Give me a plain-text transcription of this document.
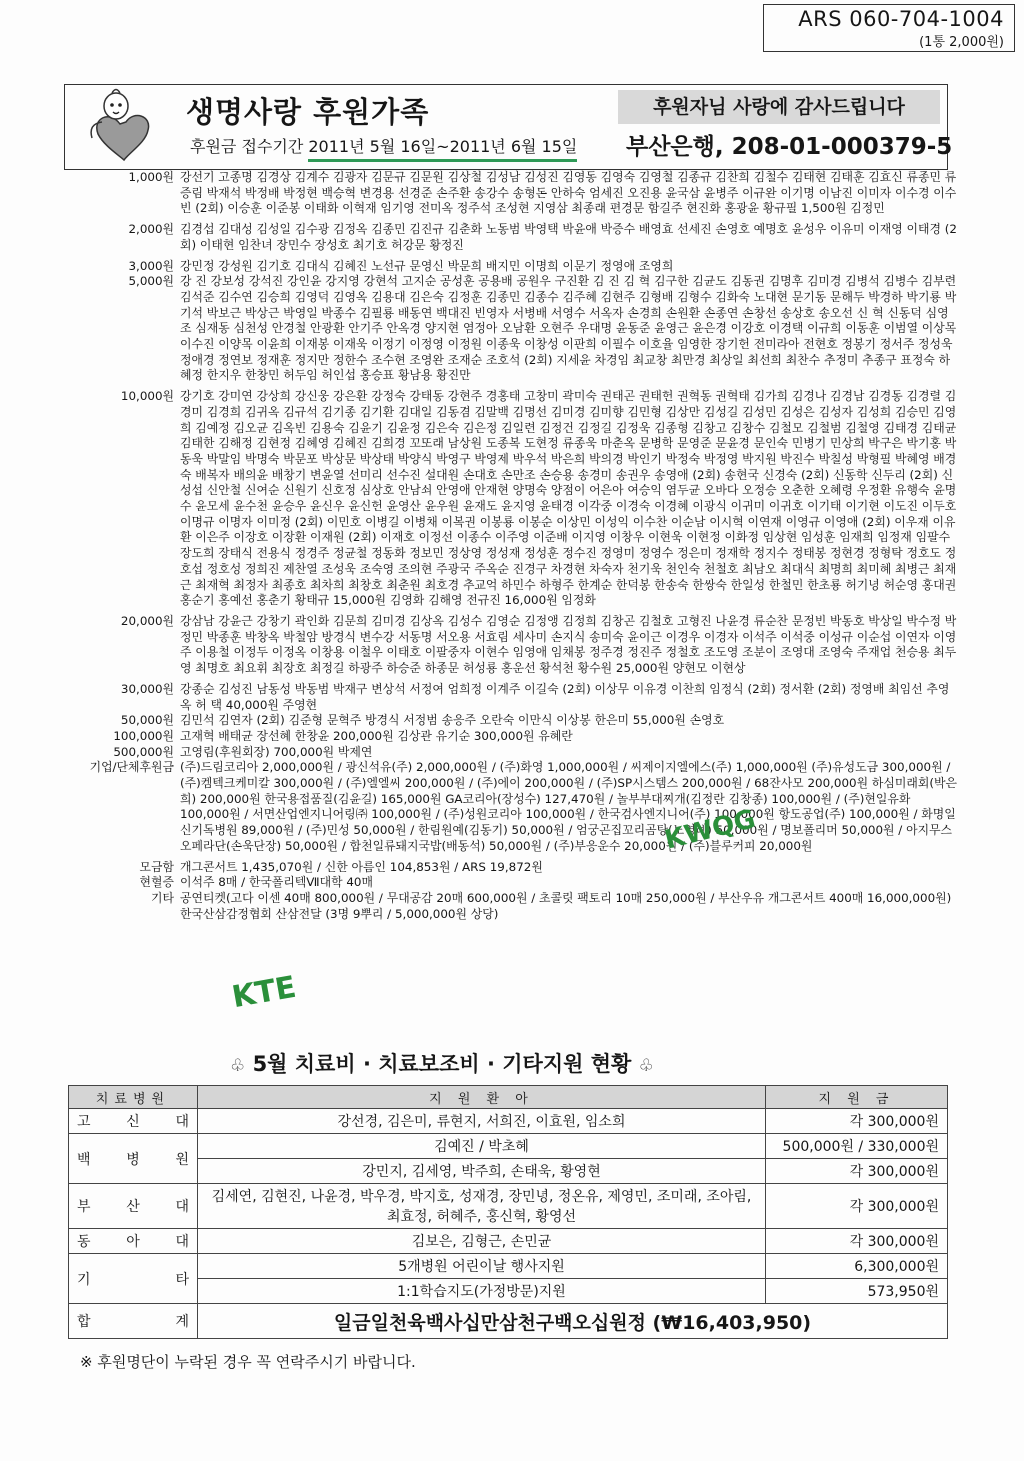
ARS 060-704-1004
(1통 2,000원)
생명사랑 후원가족	후원자님 사랑에 감사드립니다
후원금 접수기간 2011년 5월 16일~2011년 6월 15일 부산은행, 208-01-000379-5
1,000원 강선기 고종명 김경상 김계수 김광자 김문규 김문원 김상철 김성남 김성진 김영동 김영숙 김영철 김종규 김찬희 김철수 김태현 김태훈 김효신 류종민 류증림 박재석 박정배 박정현 백승혁 변경용 선경준 손주환 송강수 송형돈 안하숙 엄세진 오진용 윤국삼 윤병주 이규완 이기명 이남진 이미자 이수경 이수빈 (2회) 이승훈 이준봉 이태화 이혁재 임기영 전미옥 정주석 조성현 지영삼 최종래 편경문 함길주 현진화 홍광윤 황규필 1,500원 김정민
2,000원 김경섭 김대성 김성일 김수광 김정옥 김종민 김진규 김춘화 노동범 박영택 박윤애 박증수 배영효 선세진 손영호 예명호 윤성우 이유미 이재영 이태경 (2회) 이태현 임찬녀 장민수 장성호 최기호 허강문 황정진
3,000원 강민정 강성원 김기호 김대식 김혜진 노선규 문영신 박문희 배지민 이명희 이문기 정영애 조영희
5,000원 강 진 강보성 강석진 강인윤 강지영 강현석 고지순 공성훈 공용배 공원우 구진환 김 진 김 혁 김구한 김균도 김동권 김명후 김미경 김병석 김병수 김부련 김석준 김수연 김승희 김영덕 김영옥 김용대 김은숙 김정훈 김종민 김종수 김주혜 김현주 김형배 김형수 김화숙 노대현 문기동 문해두 박경하 박기룡 박기석 박보근 박상근 박영일 박종수 김필룡 배동연 백대진 빈영자 서병배 서영수 서옥자 손경희 손원환 손종연 손창선 송상호 송오선 신 혁 신동덕 심영조 심재동 심천성 안경철 안광환 안기주 안옥경 양지현 염정아 오남환 오현주 우대명 윤동준 윤영근 윤은경 이강호 이경택 이규희 이동훈 이범열 이상목 이수진 이양목 이윤희 이재봉 이재욱 이정기 이정영 이정원 이종욱 이창성 이판희 이필수 이호율 임영한 장기헌 전미라아 전현호 정봉기 정서주 정성욱 정애경 정연보 정재훈 정지만 정한수 조수현 조영완 조재순 조호석 (2회) 지세윤 차경임 최교창 최만경 최상일 최선희 최찬수 추정미 추종구 표정숙 하혜정 한지우 한창민 허두임 허인섭 홍승표 황남용 황진만
10,000원 강기호 강미연 강상희 강신웅 강은환 강정숙 강태동 강현주 경홍태 고창미 곽미숙 권태곤 권태헌 권혁동 권혁태 김가희 김경나 김경남 김경동 김경렬 김경미 김경희 김귀옥 김규석 김기종 김기환 김대일 김동겸 김말백 김명선 김미경 김미향 김민형 김상만 김성길 김성민 김성은 김성자 김성희 김승민 김영희 김예정 김오균 김옥빈 김용숙 김윤기 김윤정 김은숙 김은정 김일련 김정건 김정길 김정욱 김종형 김창고 김창수 김철모 김철범 김철영 김태경 김태균 김태한 김해정 김현정 김혜영 김혜진 김희경 꼬또래 남상원 도종복 도현정 류종욱 마춘옥 문병학 문영준 문윤경 문인숙 민병기 민상희 박구은 박기홍 박동욱 박말임 박명숙 박문포 박상문 박상태 박양식 박영구 박영제 박우석 박은희 박의경 박인기 박정숙 박정영 박지원 박진수 박칠성 박형필 박혜영 배경숙 배복자 배의윤 배창기 변윤열 선미리 선수진 설대원 손대호 손만조 손승용 송경미 송권우 송영애 (2회) 송현국 신경숙 (2회) 신동학 신두리 (2회) 신성섭 신안철 신여순 신원기 신호정 심상호 안남쇠 안영애 안재현 양명숙 양점이 어은아 여승익 염두균 오바다 오정승 오춘한 오혜령 우정환 유행숙 윤명수 윤모세 윤수천 윤승우 윤신우 윤신헌 윤영산 윤우원 윤재도 윤지영 윤태경 이각중 이경숙 이경혜 이광식 이귀미 이귀호 이기태 이기현 이도진 이두호 이명규 이명자 이미정 (2회) 이민호 이병길 이병채 이복권 이봉룡 이봉순 이상민 이성익 이수찬 이순남 이시혁 이연재 이영규 이영애 (2회) 이우재 이유환 이은주 이장호 이장환 이재원 (2회) 이재호 이정선 이종수 이주영 이준배 이지영 이창우 이현욱 이현정 이화정 임상현 임성훈 임재희 임정재 임팔수 장도희 장태식 전용식 정경주 정균철 정동화 정보민 정상영 정성재 정성훈 정수진 정영미 정영수 정은미 정재학 정지수 정태봉 정현경 정형탁 정호도 정호섭 정호성 정희진 제찬열 조성욱 조숙영 조의현 주광국 주옥순 진경구 차경현 차숙자 천기욱 천인숙 천철호 최남오 최대식 최명희 최미혜 최병근 최재근 최재혁 최정자 최종호 최차희 최창호 최춘원 최호경 추교억 하민수 하형주 한계순 한덕봉 한송숙 한쌍숙 한일성 한철민 한초룡 허기녕 허순영 홍대권 홍순기 홍예선 홍춘기 황태규 15,000원 김영화 김해영 전규진 16,000원 임정화
20,000원 강삼남 강윤근 강창기 곽인화 김문희 김미경 김상옥 김성수 김영순 김정앵 김정희 김창곤 김철호 고형진 나윤경 류순찬 문정빈 박동호 박상일 박수정 박정민 박종훈 박창옥 박철암 방경식 변수강 서동명 서오용 서효림 세사미 손지식 송미숙 윤이근 이경우 이경자 이석주 이석중 이성규 이순섭 이연자 이영주 이용철 이정두 이정옥 이창용 이철우 이태호 이팔중자 이현수 임영애 임채봉 정주경 정진주 정철호 조도영 조분이 조영대 조영숙 주재업 천승용 최두영 최명호 최요휘 최장호 최정길 하광주 하승준 하종문 허성룡 홍운선 황석천 황수원 25,000원 양현모 이현상
30,000원 강종순 김성진 남동성 박동범 박재구 변상석 서정여 엄희정 이계주 이길숙 (2회) 이상무 이유경 이찬희 임정식 (2회) 정서환 (2회) 정영배 최임선 추영옥 허 택 40,000원 주영현
50,000원 김민석 김연자 (2회) 김준형 문혁주 방경식 서정범 송응주 오란숙 이만식 이상봉 한은미 55,000원 손영호
100,000원 고재혁 배태균 장선혜 한창윤 200,000원 김상관 유기순 300,000원 유혜란
500,000원 고영림(후원회장) 700,000원 박제연
기업/단체후원금 (주)드림코리아 2,000,000원 / 광신석유(주) 2,000,000원 / (주)화영 1,000,000원 / 씨제이지엘에스(주) 1,000,000원 (주)유성도금 300,000원 / (주)켐텍크케미칼 300,000원 / (주)엘엘씨 200,000원 / (주)에이 200,000원 / (주)SP시스템스 200,000원 / 68잔사모 200,000원 하심미래회(박은희) 200,000원 한국용접품질(김윤길) 165,000원 GA코리아(장성수) 127,470원 / 놀부부대찌개(김정란 김창종) 100,000원 / (주)현일유화 100,000원 / 서면산업엔지니어링㈜ 100,000원 / (주)성원코리아 100,000원 / 한국검사엔지니어(주) 100,000원 항도공업(주) 100,000원 / 화명일신기독병원 89,000원 / (주)민성 50,000원 / 한림원예(김동기) 50,000원 / 엄궁곤집꼬리곰탕(노영례) 50,000원 / 명보폴리머 50,000원 / 아지무스오페라단(손욱단장) 50,000원 / 합천일류돼지국밥(배동석) 50,000원 / (주)부응운수 20,000원 / (주)블루커피 20,000원
모금함 개그콘서트 1,435,070원 / 신한 아름인 104,853원 / ARS 19,872원
현혈증 이석주 8매 / 한국폴리텍Ⅶ대학 40매
기타 공연티켓(고다 이센 40매 800,000원 / 무대공감 20매 600,000원 / 초콜릿 팩토리 10매 250,000원 / 부산우유 개그콘서트 400매 16,000,000원) 한국산삼감정협회 산삼전달 (3명 9뿌리 / 5,000,000원 상당)
KWQG
KTE
♧ 5월 치료비 · 치료보조비 · 기타지원 현황 ♧
치료병원	지 원 환 아	지 원 금
고 신 대	강선경, 김은미, 류현지, 서희진, 이효원, 임소희	각 300,000원
백 병 원	김예진 / 박초혜	500,000원 / 330,000원
	강민지, 김세영, 박주희, 손태욱, 황영현	각 300,000원
부 산 대	김세연, 김현진, 나윤경, 박우경, 박지호, 성재경, 장민녕, 정온유, 제영민, 조미래, 조아림, 최효정, 허혜주, 홍신혁, 황영선	각 300,000원
동 아 대	김보은, 김형근, 손민균	각 300,000원
기 타	5개병원 어린이날 행사지원	6,300,000원
	1:1학습지도(가정방문)지원	573,950원
합 계	일금일천육백사십만삼천구백오십원정 (₩16,403,950)	
※ 후원명단이 누락된 경우 꼭 연락주시기 바랍니다.
